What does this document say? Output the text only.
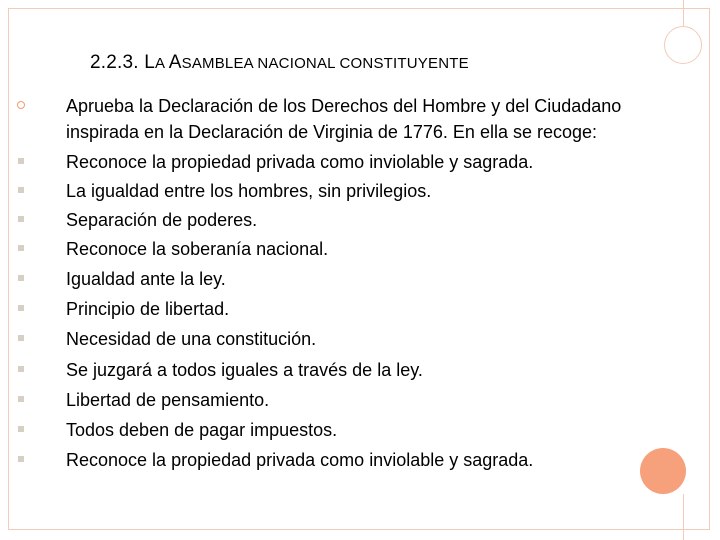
2.2.3. LA ASAMBLEA NACIONAL CONSTITUYENTE
Aprueba la Declaración de los Derechos del Hombre y del Ciudadano inspirada en la Declaración de Virginia de 1776. En ella se recoge:
Reconoce la propiedad privada como inviolable y sagrada.
La igualdad entre los hombres, sin privilegios.
Separación de poderes.
Reconoce la soberanía nacional.
Igualdad ante la ley.
Principio de libertad.
Necesidad de una constitución.
Se juzgará a todos iguales a través de la ley.
Libertad de pensamiento.
Todos deben de pagar impuestos.
Reconoce la propiedad privada como inviolable y sagrada.
